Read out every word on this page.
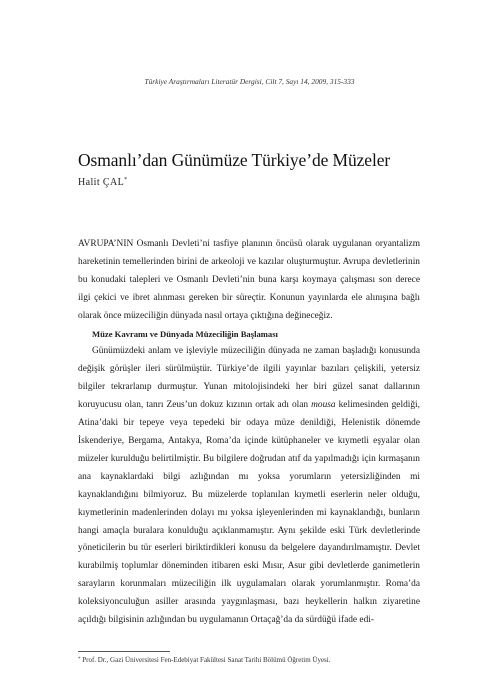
Türkiye Araştırmaları Literatür Dergisi, Cilt 7, Sayı 14, 2009, 315-333
Osmanlı’dan Günümüze Türkiye’de Müzeler
Halit ÇAL*

AVRUPA’NIN Osmanlı Devleti’ni tasfiye planının öncüsü olarak uygulanan oryantalizm hareketinin temellerinden birini de arkeoloji ve kazılar oluşturmuştur. Avrupa devletlerinin bu konudaki talepleri ve Osmanlı Devleti’nin buna karşı koymaya çalışması son derece ilgi çekici ve ibret alınması gereken bir süreçtir. Konunun yayınlarda ele alınışına bağlı olarak önce müzeciliğin dünyada nasıl ortaya çıktığına değineceğiz.

Müze Kavramı ve Dünyada Müzeciliğin Başlaması

Günümüzdeki anlam ve işleviyle müzeciliğin dünyada ne zaman başladığı konusunda değişik görüşler ileri sürülmüştür. Türkiye’de ilgili yayınlar bazıları çelişkili, yetersiz bilgiler tekrarlanıp durmuştur. Yunan mitolojisindeki her biri güzel sanat dallarının koruyucusu olan, tanrı Zeus’un dokuz kızının ortak adı olan mousa kelimesinden geldiği, Atina’daki bir tepeye veya tepedeki bir odaya müze denildiği, Helenistik dönemde İskenderiye, Bergama, Antakya, Roma’da içinde kütüphaneler ve kıymetli eşyalar olan müzeler kurulduğu belirtilmiştir. Bu bilgilere doğrudan atıf da yapılmadığı için kırmaşanın ana kaynaklardaki bilgi azlığından mı yoksa yorumların yetersizliğinden mi kaynaklandığını bilmiyoruz. Bu müzelerde toplanılan kıymetli eserlerin neler olduğu, kıymetlerinin madenlerinden dolayı mı yoksa işleyenlerinden mi kaynaklandığı, bunların hangi amaçla buralara konulduğu açıklanmamıştır. Aynı şekilde eski Türk devletlerinde yöneticilerin bu tür eserleri biriktirdikleri konusu da belgelere dayandırılmamıştır. Devlet kurabilmiş toplumlar döneminden itibaren eski Mısır, Asur gibi devletlerde ganimetlerin sarayların korunmaları müzeciliğin ilk uygulamaları olarak yorumlanmıştır. Roma’da koleksiyonculuğun asiller arasında yaygınlaşması, bazı heykellerin halkın ziyaretine açıldığı bilgisinin azlığından bu uygulamanın Ortaçağ’da da sürdüğü ifade edi-

* Prof. Dr., Gazi Üniversitesi Fen-Edebiyat Fakültesi Sanat Tarihi Bölümü Öğretim Üyesi.
